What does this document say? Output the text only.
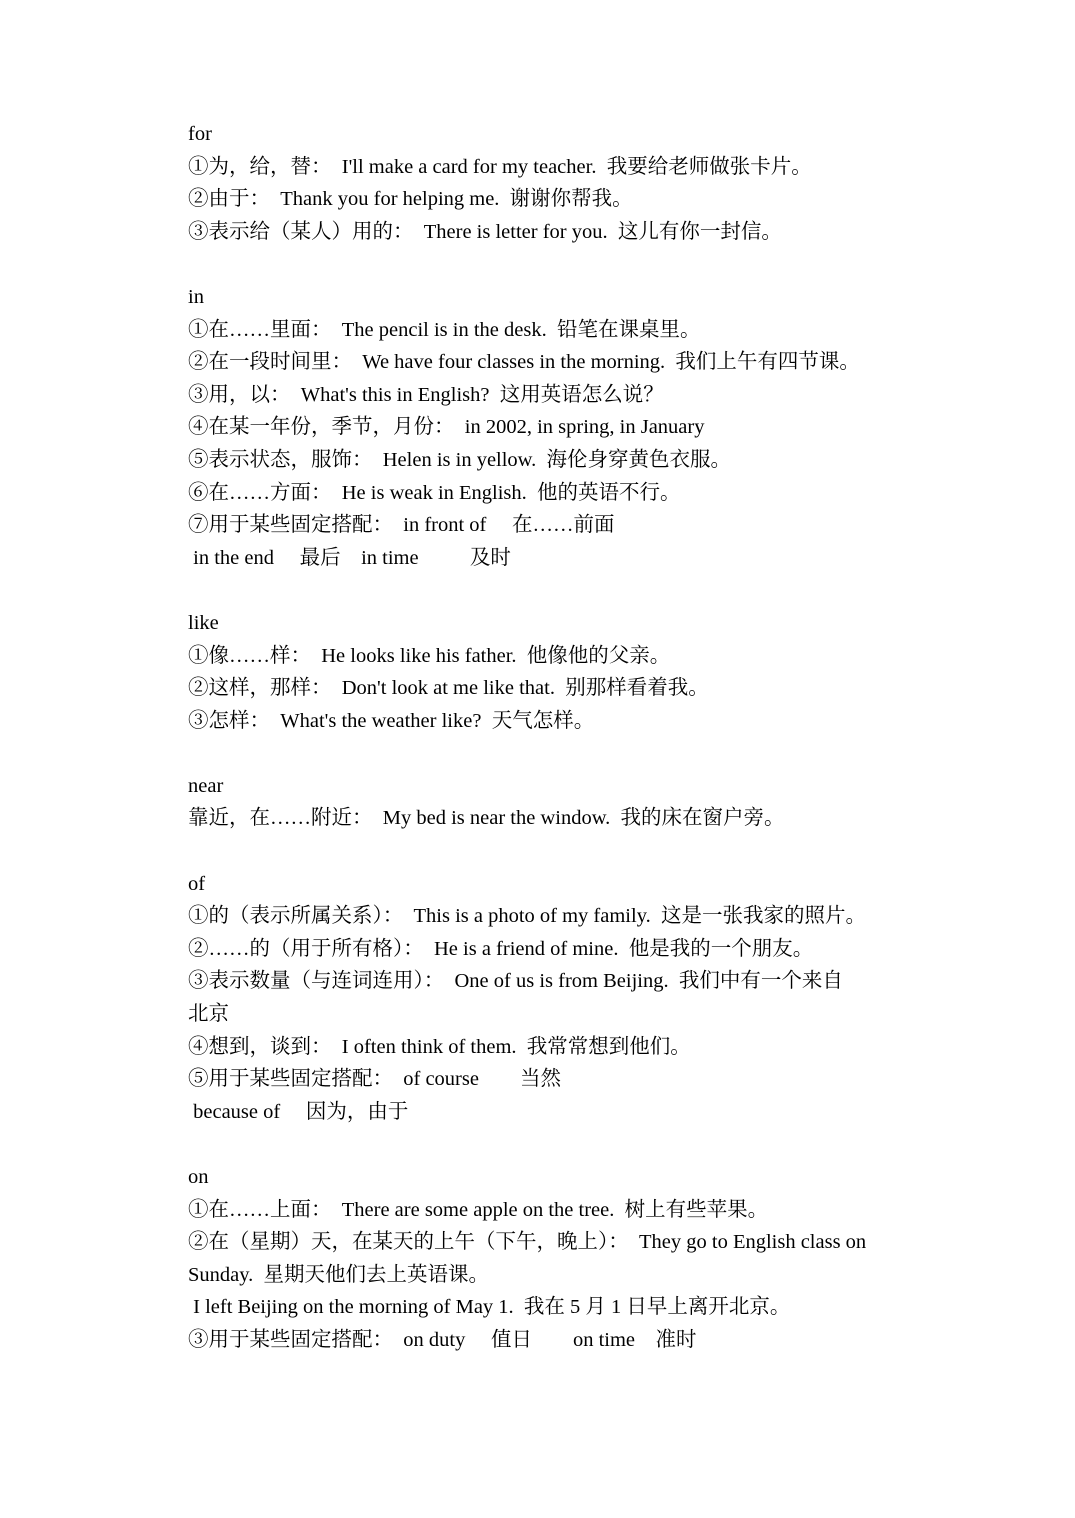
for
①为，给，替：  I'll make a card for my teacher.  我要给老师做张卡片。
②由于：  Thank you for helping me.  谢谢你帮我。
③表示给（某人）用的：  There is letter for you.  这儿有你一封信。
in
①在……里面：  The pencil is in the desk.  铅笔在课桌里。
②在一段时间里：  We have four classes in the morning.  我们上午有四节课。
③用，以：  What's this in English?  这用英语怎么说？
④在某一年份，季节，月份：  in 2002, in spring, in January
⑤表示状态，服饰：  Helen is in yellow.  海伦身穿黄色衣服。
⑥在……方面：  He is weak in English.  他的英语不行。
⑦用于某些固定搭配：  in front of     在……前面
in the end     最后    in time          及时
like
①像……样：  He looks like his father.  他像他的父亲。
②这样，那样：  Don't look at me like that.  别那样看着我。
③怎样：  What's the weather like?  天气怎样。
near
靠近，在……附近：  My bed is near the window.  我的床在窗户旁。
of
①的（表示所属关系）：  This is a photo of my family.  这是一张我家的照片。
②……的（用于所有格）：  He is a friend of mine.  他是我的一个朋友。
③表示数量（与连词连用）：  One of us is from Beijing.  我们中有一个来自
北京
④想到，谈到：  I often think of them.  我常常想到他们。
⑤用于某些固定搭配：  of course        当然
because of     因为，由于
on
①在……上面：  There are some apple on the tree.  树上有些苹果。
②在（星期）天，在某天的上午（下午，晚上）：  They go to English class on
Sunday.  星期天他们去上英语课。
I left Beijing on the morning of May 1.  我在 5 月 1 日早上离开北京。
③用于某些固定搭配：  on duty     值日        on time    准时
